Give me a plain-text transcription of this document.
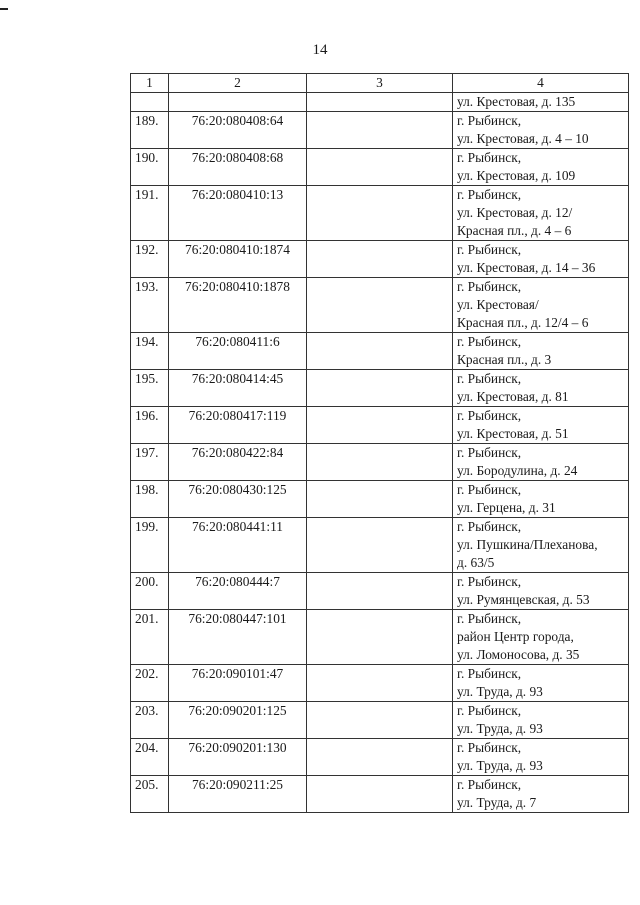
14
1	2	3	4

			ул. Крестовая, д. 135

189.	76:20:080408:64		г. Рыбинск,
ул. Крестовая, д. 4 – 10

190.	76:20:080408:68		г. Рыбинск,
ул. Крестовая, д. 109

191.	76:20:080410:13		г. Рыбинск,
ул. Крестовая, д. 12/
Красная пл., д. 4 – 6

192.	76:20:080410:1874		г. Рыбинск,
ул. Крестовая, д. 14 – 36

193.	76:20:080410:1878		г. Рыбинск,
ул. Крестовая/
Красная пл., д. 12/4 – 6

194.	76:20:080411:6		г. Рыбинск,
Красная пл., д. 3

195.	76:20:080414:45		г. Рыбинск,
ул. Крестовая, д. 81

196.	76:20:080417:119		г. Рыбинск,
ул. Крестовая, д. 51

197.	76:20:080422:84		г. Рыбинск,
ул. Бородулина, д. 24

198.	76:20:080430:125		г. Рыбинск,
ул. Герцена, д. 31

199.	76:20:080441:11		г. Рыбинск,
ул. Пушкина/Плеханова,
д. 63/5

200.	76:20:080444:7		г. Рыбинск,
ул. Румянцевская, д. 53

201.	76:20:080447:101		г. Рыбинск,
район Центр города,
ул. Ломоносова, д. 35

202.	76:20:090101:47		г. Рыбинск,
ул. Труда, д. 93

203.	76:20:090201:125		г. Рыбинск,
ул. Труда, д. 93

204.	76:20:090201:130		г. Рыбинск,
ул. Труда, д. 93

205.	76:20:090211:25		г. Рыбинск,
ул. Труда, д. 7
